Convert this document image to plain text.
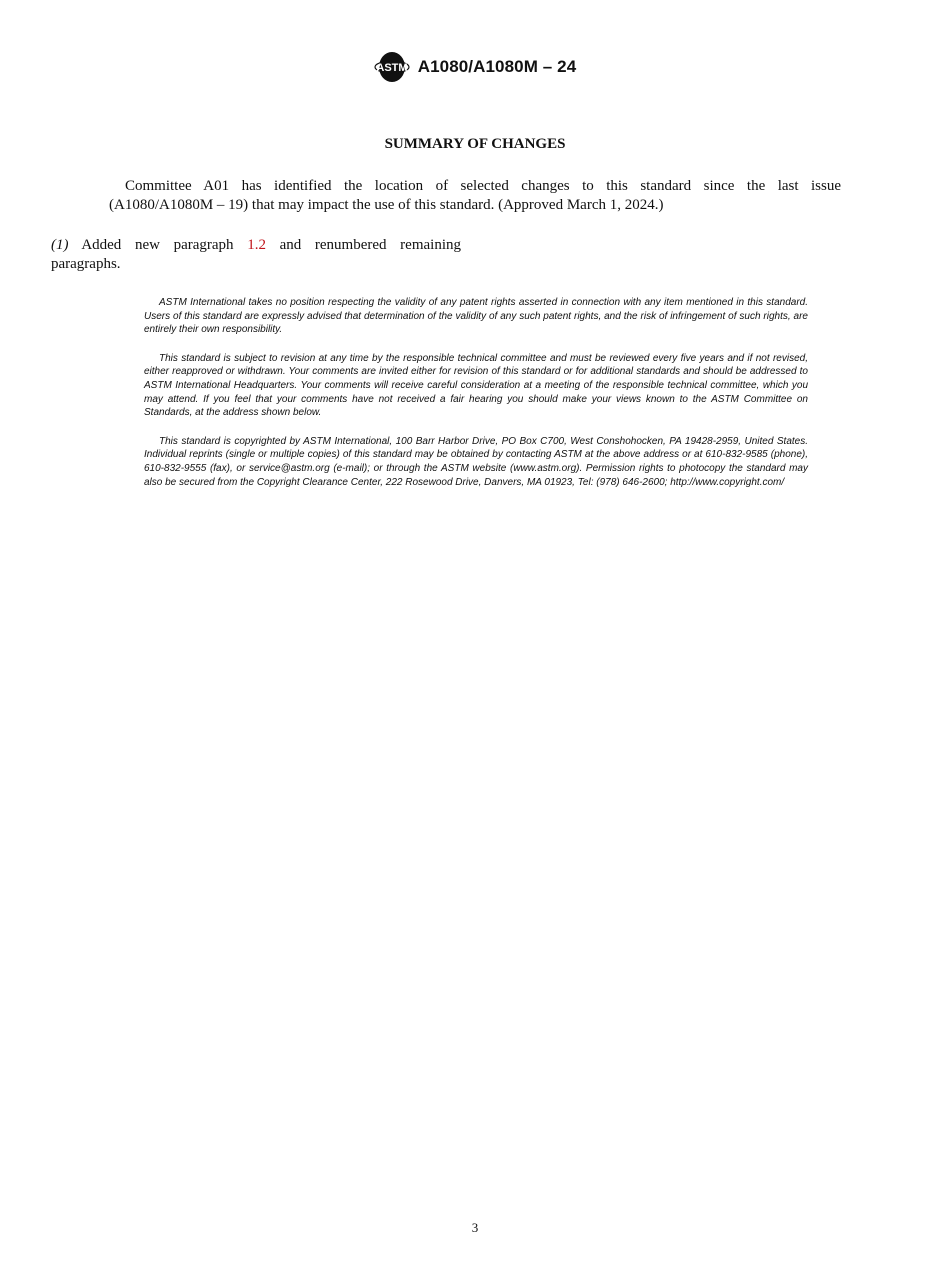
ASTM A1080/A1080M – 24
SUMMARY OF CHANGES
Committee A01 has identified the location of selected changes to this standard since the last issue
(A1080/A1080M – 19) that may impact the use of this standard. (Approved March 1, 2024.)
(1) Added new paragraph 1.2 and renumbered remaining paragraphs.

ASTM International takes no position respecting the validity of any patent rights asserted in connection with any item mentioned in this standard. Users of this standard are expressly advised that determination of the validity of any such patent rights, and the risk of infringement of such rights, are entirely their own responsibility.

This standard is subject to revision at any time by the responsible technical committee and must be reviewed every five years and if not revised, either reapproved or withdrawn. Your comments are invited either for revision of this standard or for additional standards and should be addressed to ASTM International Headquarters. Your comments will receive careful consideration at a meeting of the responsible technical committee, which you may attend. If you feel that your comments have not received a fair hearing you should make your views known to the ASTM Committee on Standards, at the address shown below.

This standard is copyrighted by ASTM International, 100 Barr Harbor Drive, PO Box C700, West Conshohocken, PA 19428-2959, United States. Individual reprints (single or multiple copies) of this standard may be obtained by contacting ASTM at the above address or at 610-832-9585 (phone), 610-832-9555 (fax), or service@astm.org (e-mail); or through the ASTM website (www.astm.org). Permission rights to photocopy the standard may also be secured from the Copyright Clearance Center, 222 Rosewood Drive, Danvers, MA 01923, Tel: (978) 646-2600; http://www.copyright.com/

3
